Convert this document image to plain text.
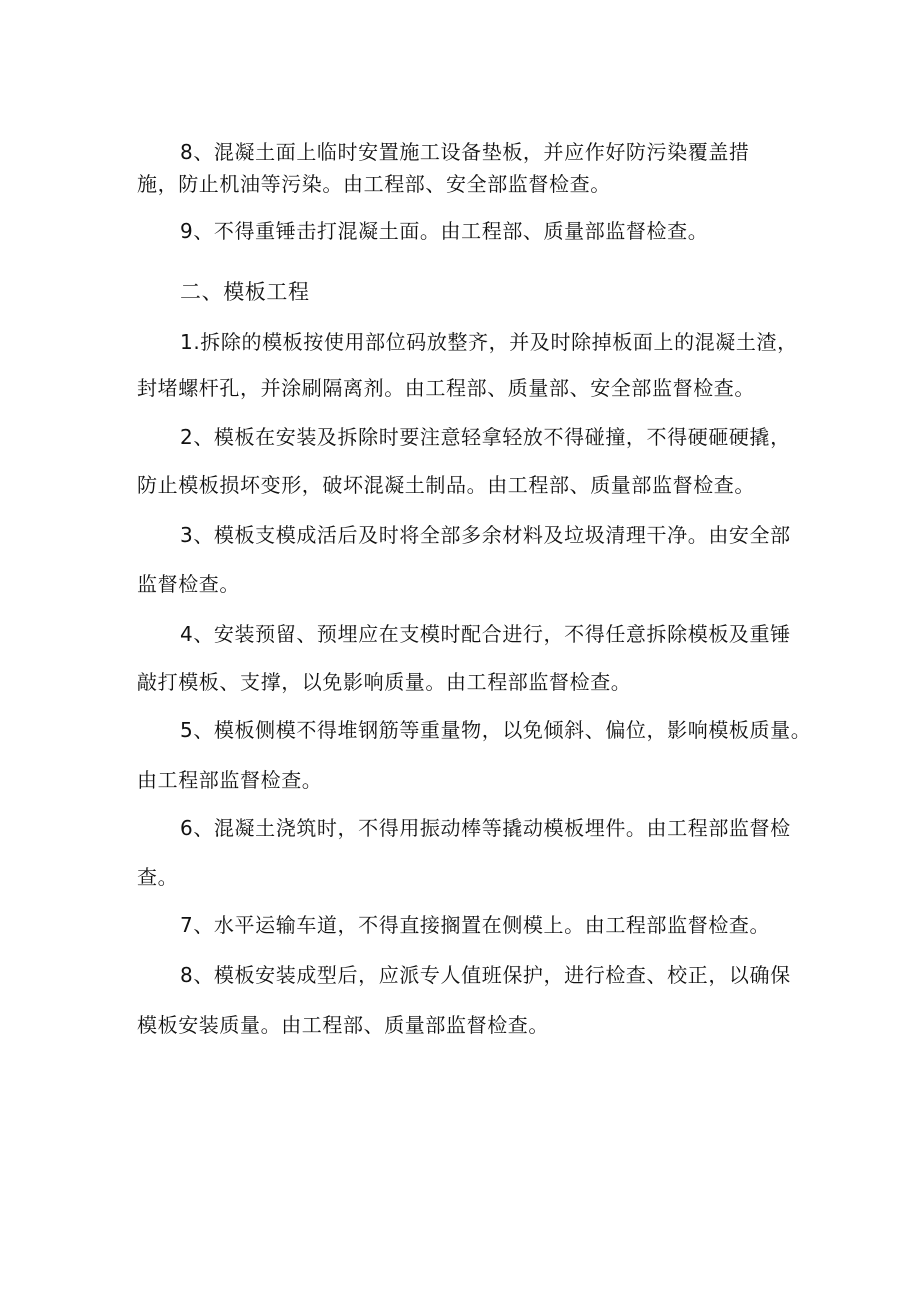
8、混凝土面上临时安置施工设备垫板，并应作好防污染覆盖措
施，防止机油等污染。由工程部、安全部监督检查。
9、不得重锤击打混凝土面。由工程部、质量部监督检查。
二、模板工程
1.拆除的模板按使用部位码放整齐，并及时除掉板面上的混凝土渣，
封堵螺杆孔，并涂刷隔离剂。由工程部、质量部、安全部监督检查。
2、模板在安装及拆除时要注意轻拿轻放不得碰撞，不得硬砸硬撬，
防止模板损坏变形，破坏混凝土制品。由工程部、质量部监督检查。
3、模板支模成活后及时将全部多余材料及垃圾清理干净。由安全部
监督检查。
4、安装预留、预埋应在支模时配合进行，不得任意拆除模板及重锤
敲打模板、支撑，以免影响质量。由工程部监督检查。
5、模板侧模不得堆钢筋等重量物，以免倾斜、偏位，影响模板质量。
由工程部监督检查。
6、混凝土浇筑时，不得用振动棒等撬动模板埋件。由工程部监督检
查。
7、水平运输车道，不得直接搁置在侧模上。由工程部监督检查。
8、模板安装成型后，应派专人值班保护，进行检查、校正，以确保
模板安装质量。由工程部、质量部监督检查。
